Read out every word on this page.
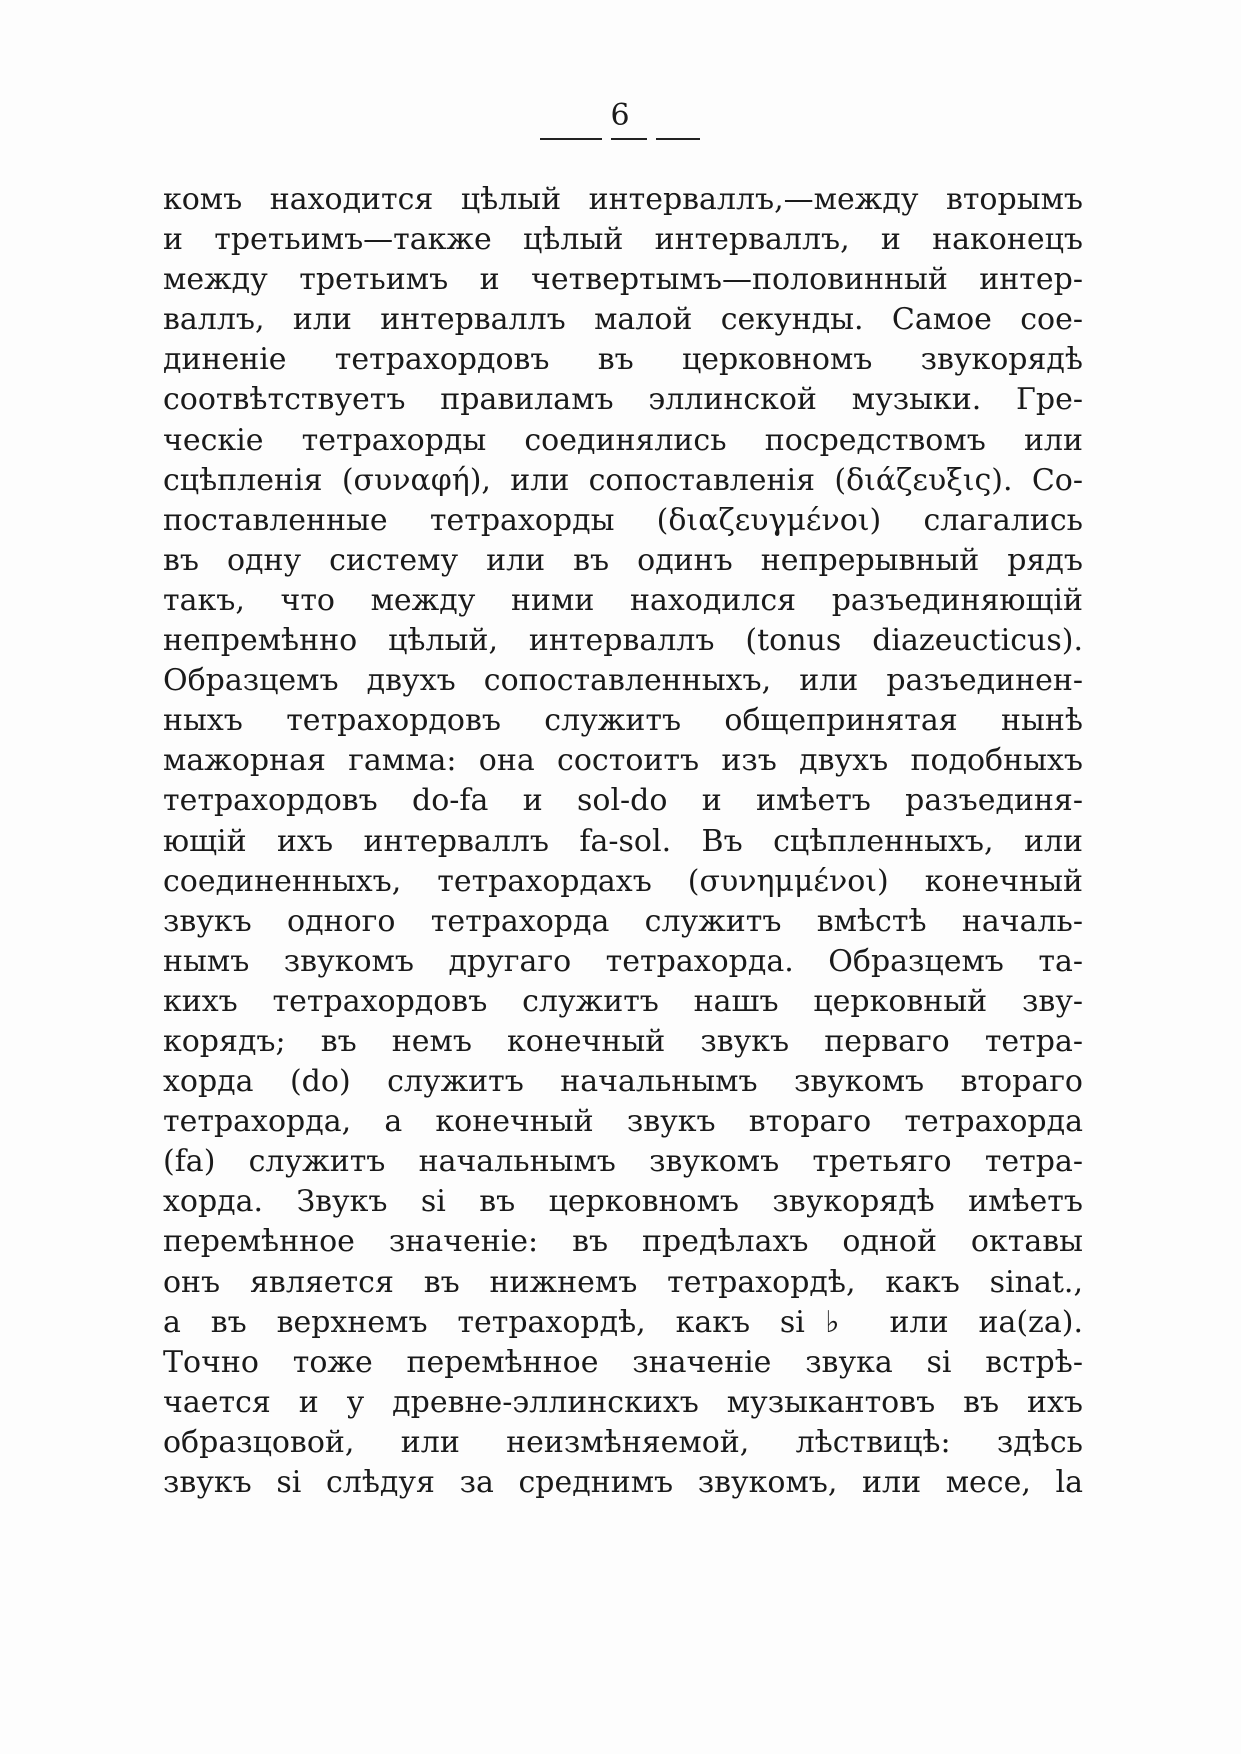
6
комъ находится цѣлый интерваллъ,—между вторымъ
и третьимъ—также цѣлый интерваллъ, и наконецъ
между третьимъ и четвертымъ—половинный интер-
валлъ, или интерваллъ малой секунды. Самое сое-
диненіе тетрахордовъ въ церковномъ звукорядѣ
соотвѣтствуетъ правиламъ эллинской музыки. Гре-
ческіе тетрахорды соединялись посредствомъ или
сцѣпленія (συναφή), или сопоставленія (διάζευξις). Со-
поставленные тетрахорды (διαζευγμένοι) слагались
въ одну систему или въ одинъ непрерывный рядъ
такъ, что между ними находился разъединяющій
непремѣнно цѣлый, интерваллъ (tonus diazeucticus).
Образцемъ двухъ сопоставленныхъ, или разъединен-
ныхъ тетрахордовъ служитъ общепринятая нынѣ
мажорная гамма: она состоитъ изъ двухъ подобныхъ
тетрахордовъ do-fa и sol-do и имѣетъ разъединя-
ющій ихъ интерваллъ fa-sol. Въ сцѣпленныхъ, или
соединенныхъ, тетрахордахъ (συνημμένοι) конечный
звукъ одного тетрахорда служитъ вмѣстѣ началь-
нымъ звукомъ другаго тетрахорда. Образцемъ та-
кихъ тетрахордовъ служитъ нашъ церковный зву-
корядъ; въ немъ конечный звукъ перваго тетра-
хорда (do) служитъ начальнымъ звукомъ втораго
тетрахорда, а конечный звукъ втораго тетрахорда
(fa) служитъ начальнымъ звукомъ третьяго тетра-
хорда. Звукъ si въ церковномъ звукорядѣ имѣетъ
перемѣнное значеніе: въ предѣлахъ одной октавы
онъ является въ нижнемъ тетрахордѣ, какъ sinat.,
а въ верхнемъ тетрахордѣ, какъ si♭ или иа(za).
Точно тоже перемѣнное значеніе звука si встрѣ-
чается и у древне-эллинскихъ музыкантовъ въ ихъ
образцовой, или неизмѣняемой, лѣствицѣ: здѣсь
звукъ si слѣдуя за среднимъ звукомъ, или месе, la
